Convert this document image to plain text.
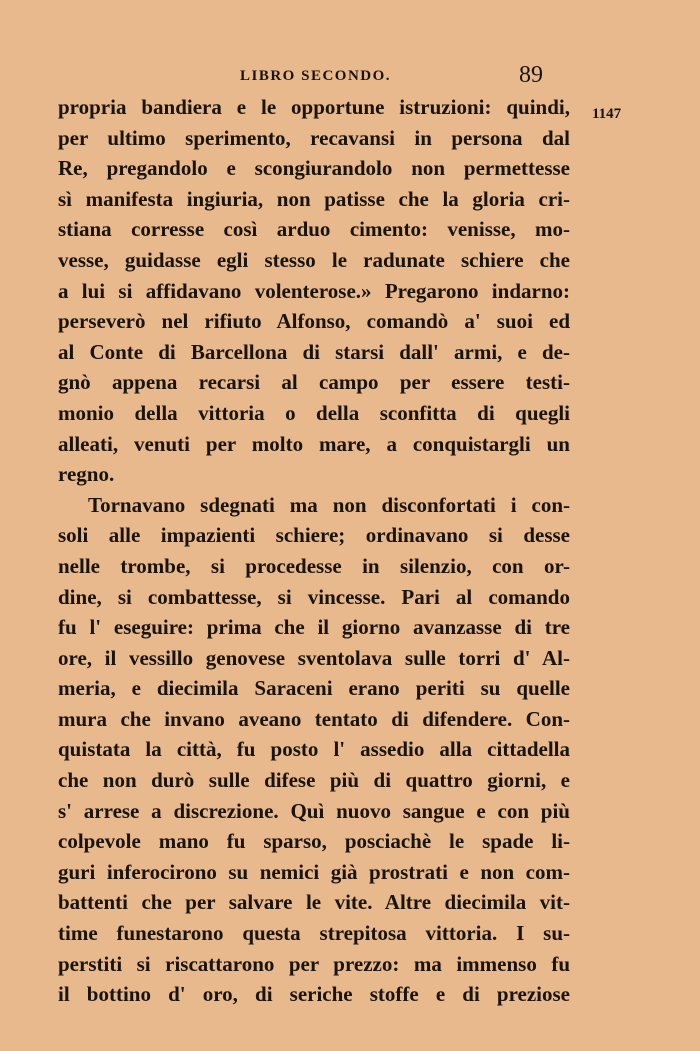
LIBRO SECONDO.	89
1147
propria bandiera e le opportune istruzioni: quindi,
per ultimo sperimento, recavansi in persona dal
Re, pregandolo e scongiurandolo non permettesse
sì manifesta ingiuria, non patisse che la gloria cri-
stiana corresse così arduo cimento: venisse, mo-
vesse, guidasse egli stesso le radunate schiere che
a lui si affidavano volenterose.» Pregarono indarno:
perseverò nel rifiuto Alfonso, comandò a' suoi ed
al Conte di Barcellona di starsi dall' armi, e de-
gnò appena recarsi al campo per essere testi-
monio della vittoria o della sconfitta di quegli
alleati, venuti per molto mare, a conquistargli un
regno.
Tornavano sdegnati ma non disconfortati i con-
soli alle impazienti schiere; ordinavano si desse
nelle trombe, si procedesse in silenzio, con or-
dine, si combattesse, si vincesse. Pari al comando
fu l' eseguire: prima che il giorno avanzasse di tre
ore, il vessillo genovese sventolava sulle torri d' Al-
meria, e diecimila Saraceni erano periti su quelle
mura che invano aveano tentato di difendere. Con-
quistata la città, fu posto l' assedio alla cittadella
che non durò sulle difese più di quattro giorni, e
s' arrese a discrezione. Quì nuovo sangue e con più
colpevole mano fu sparso, posciachè le spade li-
guri inferocirono su nemici già prostrati e non com-
battenti che per salvare le vite. Altre diecimila vit-
time funestarono questa strepitosa vittoria. I su-
perstiti si riscattarono per prezzo: ma immenso fu
il bottino d' oro, di seriche stoffe e di preziose
